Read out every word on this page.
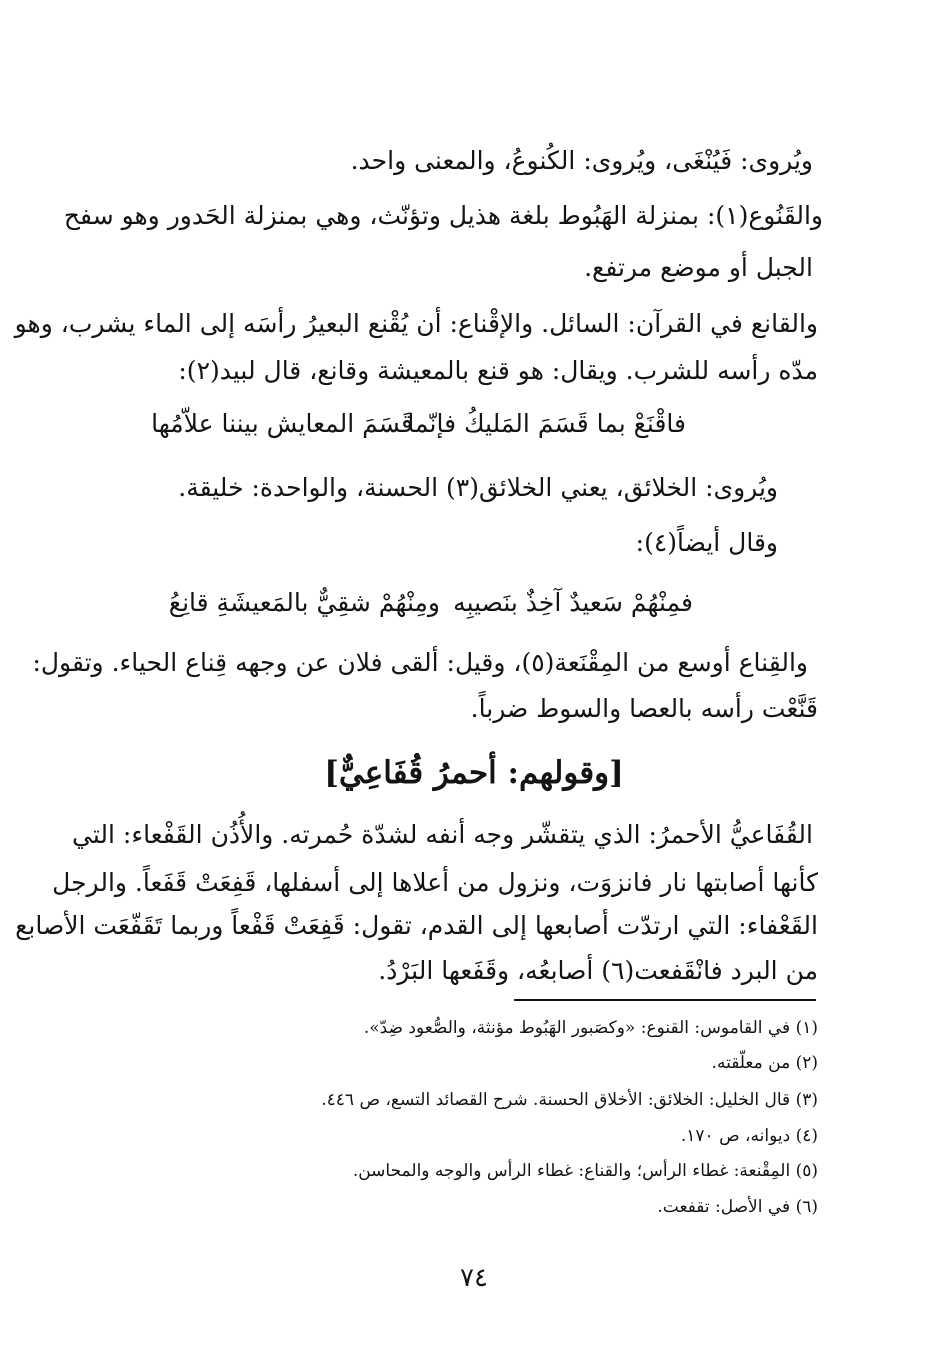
ويُروى: فَيُنْغَى، ويُروى: الكُنوعُ، والمعنى واحد.
والقَنُوع(١): بمنزلة الهَبُوط بلغة هذيل وتؤنّث، وهي بمنزلة الحَدور وهو سفح
الجبل أو موضع مرتفع.
والقانع في القرآن: السائل. والإقْناع: أن يُقْنع البعيرُ رأسَه إلى الماء يشرب، وهو
مدّه رأسه للشرب. ويقال: هو قنع بالمعيشة وقانع، قال لبيد(٢):
فاقْنَعْ بما قَسَمَ المَليكُ فإنّما
قَسَمَ المعايش بيننا علاّمُها
ويُروى: الخلائق، يعني الخلائق(٣) الحسنة، والواحدة: خليقة.
وقال أيضاً(٤):
فمِنْهُمْ سَعيدٌ آخِذٌ بنَصيبِه
ومِنْهُمْ شقِيٌّ بالمَعيشَةِ قانِعُ
والقِناع أوسع من المِقْنَعة(٥)، وقيل: ألقى فلان عن وجهه قِناع الحياء. وتقول:
قَنَّعْت رأسه بالعصا والسوط ضرباً.
[وقولهم: أحمرُ قُفَاعِيٌّ]
القُفَاعيُّ الأحمرُ: الذي يتقشّر وجه أنفه لشدّة حُمرته. والأُذُن القَفْعاء: التي
كأنها أصابتها نار فانزوَت، ونزول من أعلاها إلى أسفلها، قَفِعَتْ قَفَعاً. والرجل
القَعْفاء: التي ارتدّت أصابعها إلى القدم، تقول: قَفِعَتْ قَفْعاً وربما تَقَفّعَت الأصابع
من البرد فانْقَفعت(٦) أصابعُه، وقَفَعها البَرْدُ.
(١) في القاموس: القنوع: «وكصَبور الهَبُوط مؤنثة، والصُّعود ضِدّ».
(٢) من معلّقته.
(٣) قال الخليل: الخلائق: الأخلاق الحسنة. شرح القصائد التسع، ص ٤٤٦.
(٤) ديوانه، ص ١٧٠.
(٥) المِقْنعة: غطاء الرأس؛ والقناع: غطاء الرأس والوجه والمحاسن.
(٦) في الأصل: تقفعت.
٧٤
